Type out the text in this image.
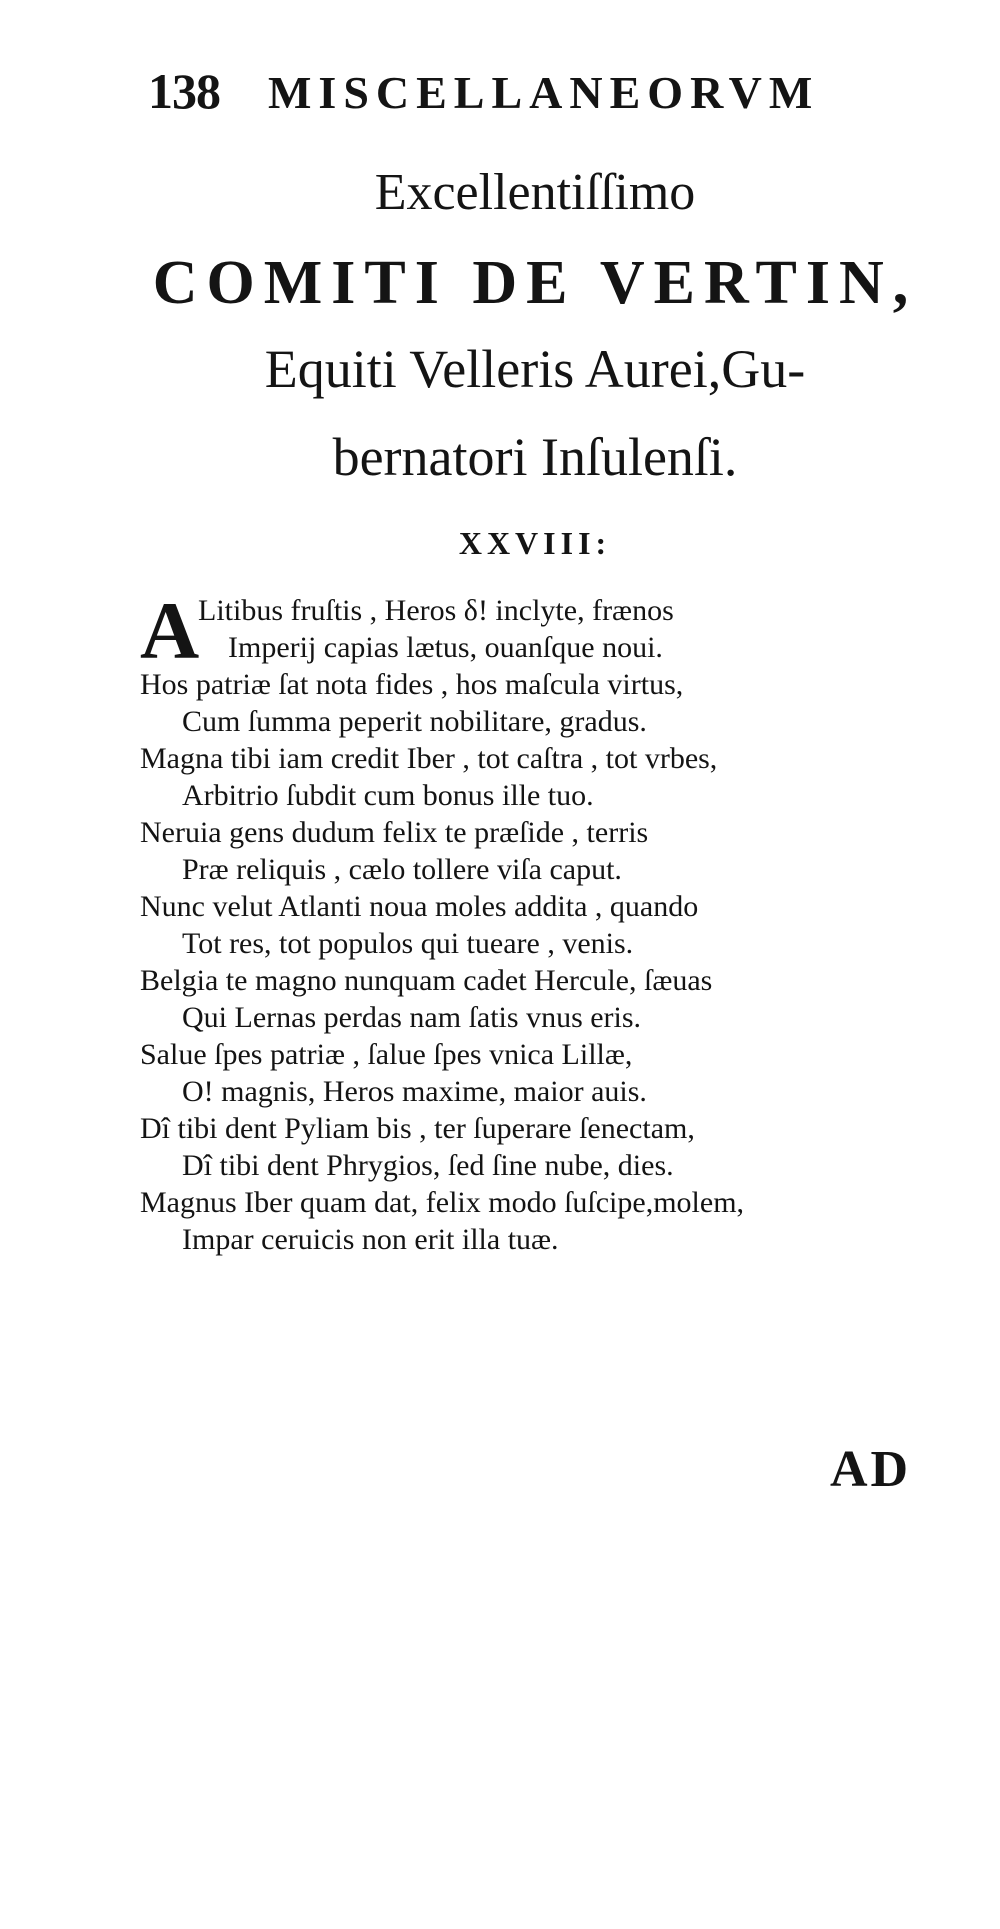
138 MISCELLANEORVM
Excellentiſſimo
COMITI DE VERTIN,
Equiti Velleris Aurei,Gu-
bernatori Inſulenſi.
XXVIII:
A
Litibus fruſtis , Heros δ! inclyte, frænos
Imperij capias lætus, ouanſque noui.
Hos patriæ ſat nota fides , hos maſcula virtus,
Cum ſumma peperit nobilitare, gradus.
Magna tibi iam credit Iber , tot caſtra , tot vrbes,
Arbitrio ſubdit cum bonus ille tuo.
Neruia gens dudum felix te præſide , terris
Præ reliquis , cælo tollere viſa caput.
Nunc velut Atlanti noua moles addita , quando
Tot res, tot populos qui tueare , venis.
Belgia te magno nunquam cadet Hercule, ſæuas
Qui Lernas perdas nam ſatis vnus eris.
Salue ſpes patriæ , ſalue ſpes vnica Lillæ,
O! magnis, Heros maxime, maior auis.
Dî tibi dent Pyliam bis , ter ſuperare ſenectam,
Dî tibi dent Phrygios, ſed ſine nube, dies.
Magnus Iber quam dat, felix modo ſuſcipe,molem,
Impar ceruicis non erit illa tuæ.
AD
